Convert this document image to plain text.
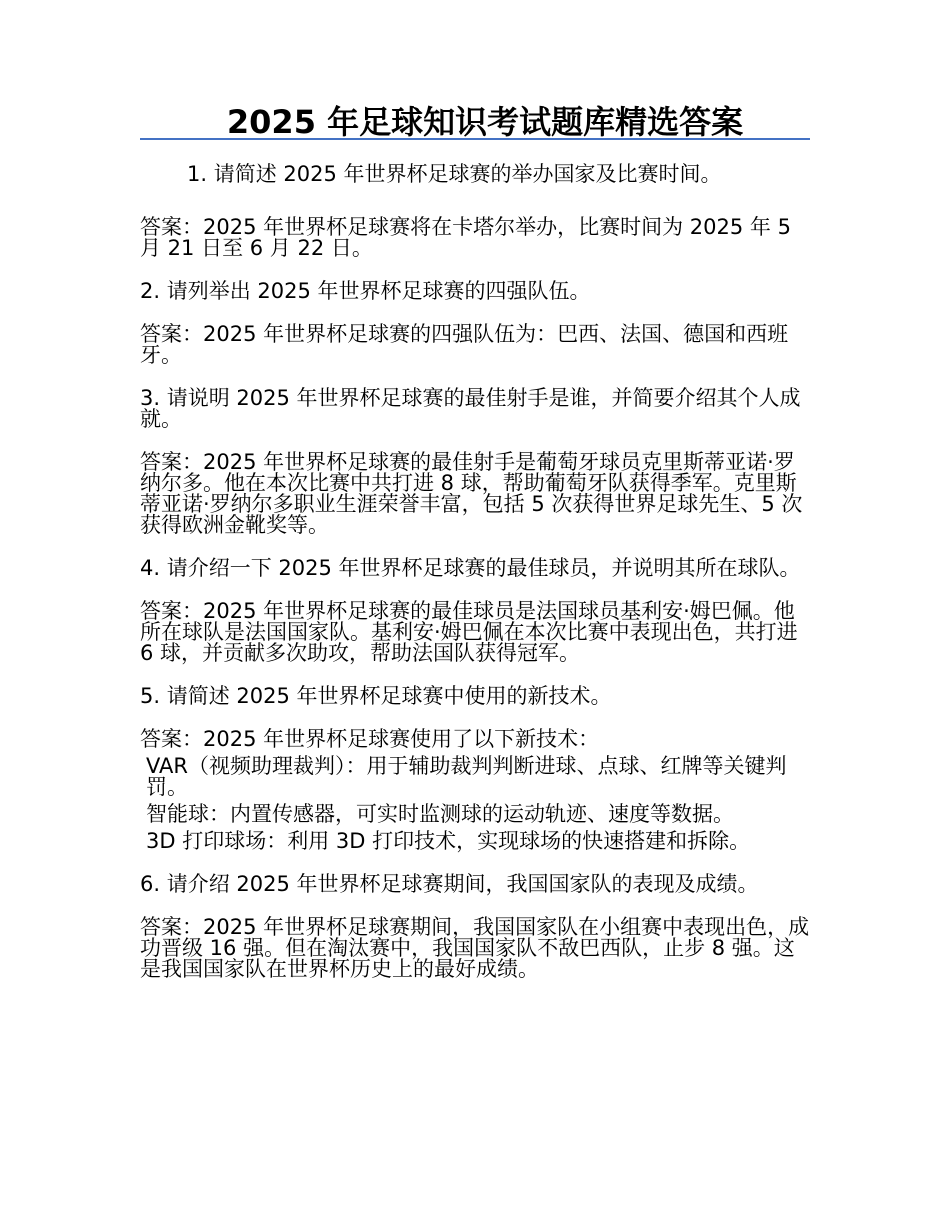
2025 年足球知识考试题库精选答案

1. 请简述 2025 年世界杯足球赛的举办国家及比赛时间。

答案：2025 年世界杯足球赛将在卡塔尔举办，比赛时间为 2025 年 5 月 21 日至 6 月 22 日。

2. 请列举出 2025 年世界杯足球赛的四强队伍。

答案：2025 年世界杯足球赛的四强队伍为：巴西、法国、德国和西班牙。

3. 请说明 2025 年世界杯足球赛的最佳射手是谁，并简要介绍其个人成就。

答案：2025 年世界杯足球赛的最佳射手是葡萄牙球员克里斯蒂亚诺·罗纳尔多。他在本次比赛中共打进 8 球，帮助葡萄牙队获得季军。克里斯蒂亚诺·罗纳尔多职业生涯荣誉丰富，包括 5 次获得世界足球先生、5 次获得欧洲金靴奖等。

4. 请介绍一下 2025 年世界杯足球赛的最佳球员，并说明其所在球队。

答案：2025 年世界杯足球赛的最佳球员是法国球员基利安·姆巴佩。他所在球队是法国国家队。基利安·姆巴佩在本次比赛中表现出色，共打进 6 球，并贡献多次助攻，帮助法国队获得冠军。

5. 请简述 2025 年世界杯足球赛中使用的新技术。

答案：2025 年世界杯足球赛使用了以下新技术：

VAR（视频助理裁判）：用于辅助裁判判断进球、点球、红牌等关键判罚。

智能球：内置传感器，可实时监测球的运动轨迹、速度等数据。

3D 打印球场：利用 3D 打印技术，实现球场的快速搭建和拆除。

6. 请介绍 2025 年世界杯足球赛期间，我国国家队的表现及成绩。

答案：2025 年世界杯足球赛期间，我国国家队在小组赛中表现出色，成功晋级 16 强。但在淘汰赛中，我国国家队不敌巴西队，止步 8 强。这是我国国家队在世界杯历史上的最好成绩。
